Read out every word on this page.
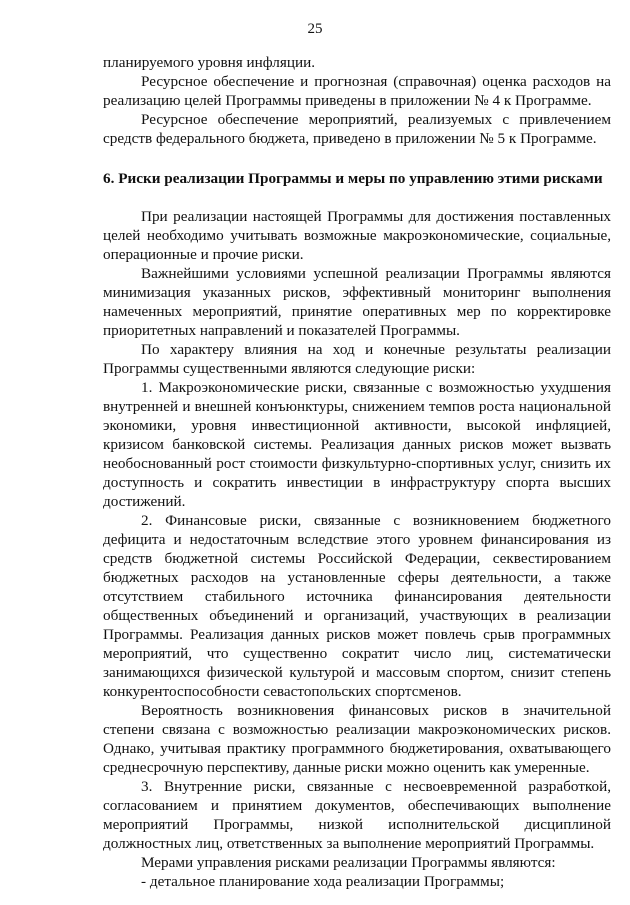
25

планируемого уровня инфляции.

Ресурсное обеспечение и прогнозная (справочная) оценка расходов на реализацию целей Программы приведены в приложении № 4 к Программе.

Ресурсное обеспечение мероприятий, реализуемых с привлечением средств федерального бюджета, приведено в приложении № 5 к Программе.

6. Риски реализации Программы и меры по управлению этими рисками

При реализации настоящей Программы для достижения поставленных целей необходимо учитывать возможные макроэкономические, социальные, операционные и прочие риски.

Важнейшими условиями успешной реализации Программы являются минимизация указанных рисков, эффективный мониторинг выполнения намеченных мероприятий, принятие оперативных мер по корректировке приоритетных направлений и показателей Программы.

По характеру влияния на ход и конечные результаты реализации Программы существенными являются следующие риски:

1. Макроэкономические риски, связанные с возможностью ухудшения внутренней и внешней конъюнктуры, снижением темпов роста национальной экономики, уровня инвестиционной активности, высокой инфляцией, кризисом банковской системы. Реализация данных рисков может вызвать необоснованный рост стоимости физкультурно-спортивных услуг, снизить их доступность и сократить инвестиции в инфраструктуру спорта высших достижений.

2. Финансовые риски, связанные с возникновением бюджетного дефицита и недостаточным вследствие этого уровнем финансирования из средств бюджетной системы Российской Федерации, секвестированием бюджетных расходов на установленные сферы деятельности, а также отсутствием стабильного источника финансирования деятельности общественных объединений и организаций, участвующих в реализации Программы. Реализация данных рисков может повлечь срыв программных мероприятий, что существенно сократит число лиц, систематически занимающихся физической культурой и массовым спортом, снизит степень конкурентоспособности севастопольских спортсменов.

Вероятность возникновения финансовых рисков в значительной степени связана с возможностью реализации макроэкономических рисков. Однако, учитывая практику программного бюджетирования, охватывающего среднесрочную перспективу, данные риски можно оценить как умеренные.

3. Внутренние риски, связанные с несвоевременной разработкой, согласованием и принятием документов, обеспечивающих выполнение мероприятий Программы, низкой исполнительской дисциплиной должностных лиц, ответственных за выполнение мероприятий Программы.

Мерами управления рисками реализации Программы являются:

- детальное планирование хода реализации Программы;
